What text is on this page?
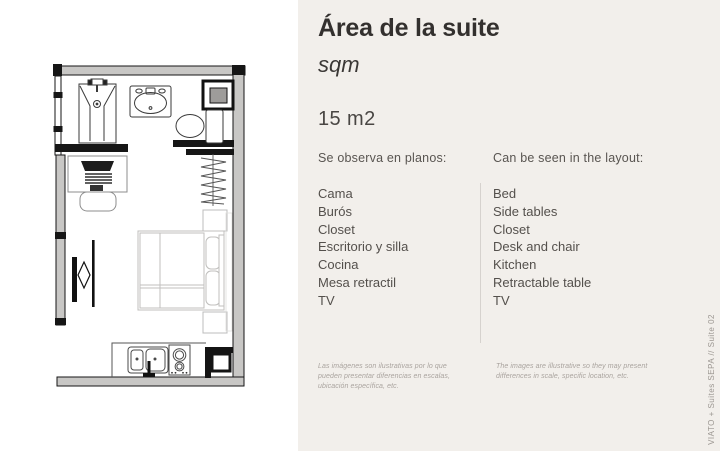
Área de la suite
sqm
15 m2
Se observa en planos:	Can be seen in the layout:
Cama
Burós
Closet
Escritorio y silla
Cocina
Mesa retractil
TV
Bed
Side tables
Closet
Desk and chair
Kitchen
Retractable table
TV
Las imágenes son ilustrativas por lo que pueden presentar diferencias en escalas, ubicación específica, etc.
The images are illustrative so they may present differences in scale, specific location, etc.	VIATO + Suites SEPA // Suite 02
